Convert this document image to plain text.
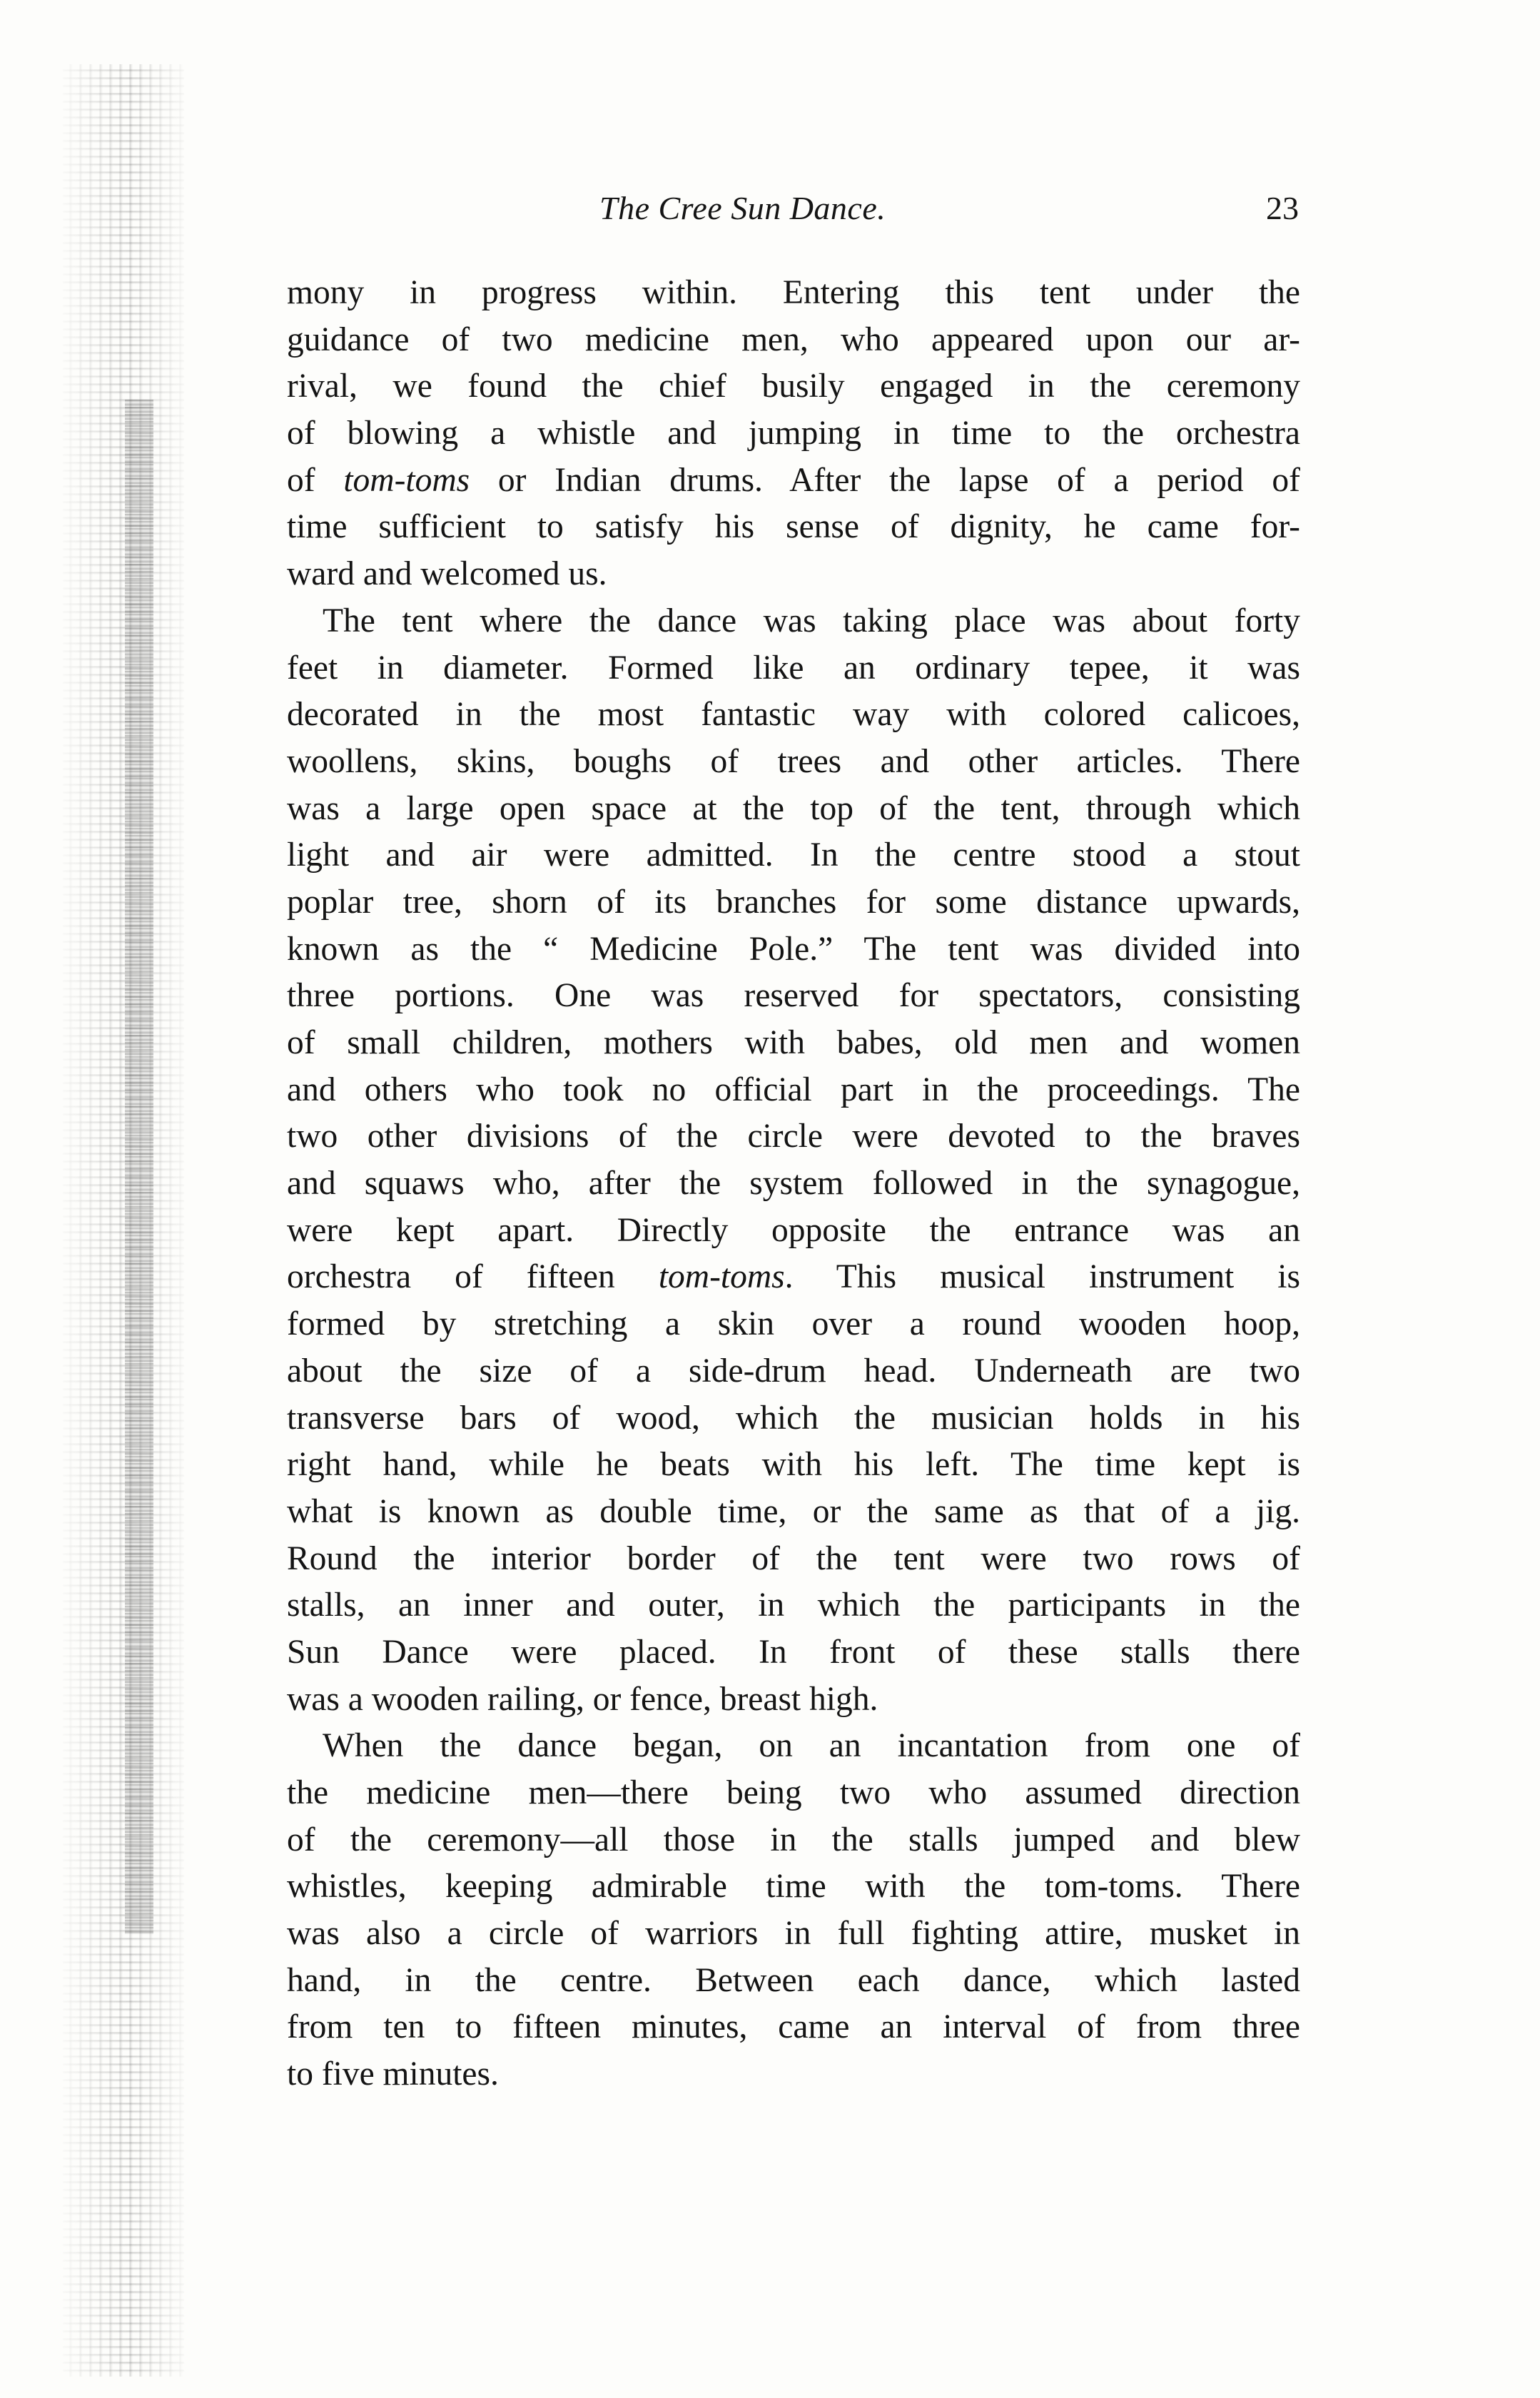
The Cree Sun Dance.	23

mony in progress within. Entering this tent under the
guidance of two medicine men, who appeared upon our ar-
rival, we found the chief busily engaged in the ceremony
of blowing a whistle and jumping in time to the orchestra
of tom-toms or Indian drums. After the lapse of a period of
time sufficient to satisfy his sense of dignity, he came for-
ward and welcomed us.

The tent where the dance was taking place was about forty
feet in diameter. Formed like an ordinary tepee, it was
decorated in the most fantastic way with colored calicoes,
woollens, skins, boughs of trees and other articles. There
was a large open space at the top of the tent, through which
light and air were admitted. In the centre stood a stout
poplar tree, shorn of its branches for some distance upwards,
known as the “ Medicine Pole.” The tent was divided into
three portions. One was reserved for spectators, consisting
of small children, mothers with babes, old men and women
and others who took no official part in the proceedings. The
two other divisions of the circle were devoted to the braves
and squaws who, after the system followed in the synagogue,
were kept apart. Directly opposite the entrance was an
orchestra of fifteen tom-toms. This musical instrument is
formed by stretching a skin over a round wooden hoop,
about the size of a side-drum head. Underneath are two
transverse bars of wood, which the musician holds in his
right hand, while he beats with his left. The time kept is
what is known as double time, or the same as that of a jig.
Round the interior border of the tent were two rows of
stalls, an inner and outer, in which the participants in the
Sun Dance were placed. In front of these stalls there
was a wooden railing, or fence, breast high.

When the dance began, on an incantation from one of
the medicine men—there being two who assumed direction
of the ceremony—all those in the stalls jumped and blew
whistles, keeping admirable time with the tom-toms. There
was also a circle of warriors in full fighting attire, musket in
hand, in the centre. Between each dance, which lasted
from ten to fifteen minutes, came an interval of from three
to five minutes.
